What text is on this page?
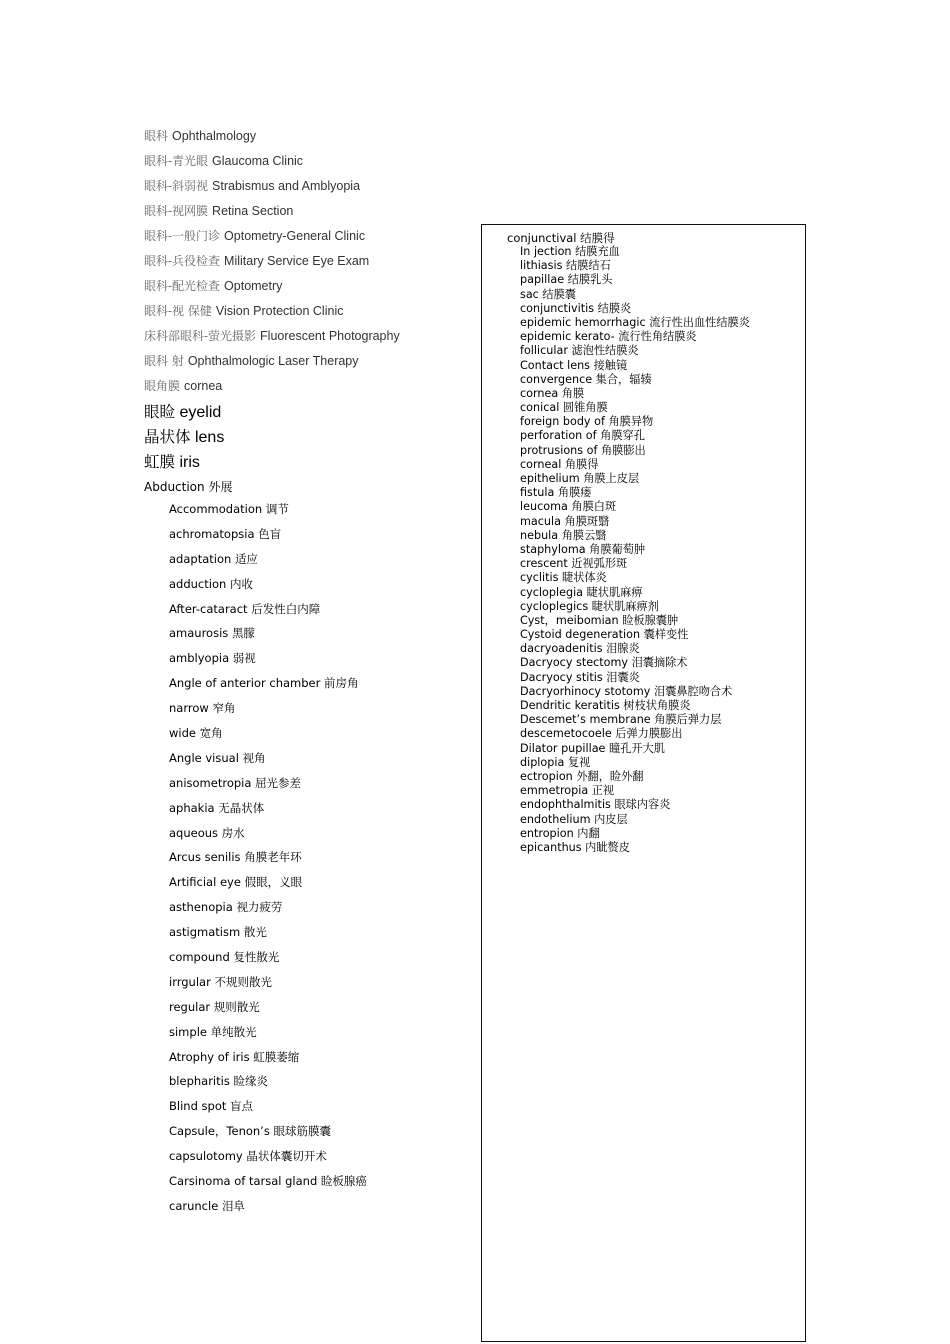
眼科 Ophthalmology
眼科-青光眼 Glaucoma Clinic
眼科-斜弱视 Strabismus and Amblyopia
眼科-视网膜 Retina Section
眼科-一般门诊 Optometry-General Clinic
眼科-兵役检查 Military Service Eye Exam
眼科-配光检查 Optometry
眼科-视 保健 Vision Protection Clinic
床科部眼科-萤光摄影 Fluorescent Photography
眼科 射 Ophthalmologic Laser Therapy
眼角膜 cornea
眼睑 eyelid
晶状体 lens
虹膜 iris
Abduction 外展
Accommodation 调节
achromatopsia 色盲
adaptation 适应
adduction 内收
After-cataract 后发性白内障
amaurosis 黑朦
amblyopia 弱视
Angle of anterior chamber 前房角
narrow 窄角
wide 宽角
Angle visual 视角
anisometropia 屈光参差
aphakia 无晶状体
aqueous 房水
Arcus senilis 角膜老年环
Artificial eye 假眼，义眼
asthenopia 视力疲劳
astigmatism 散光
compound 复性散光
irrgular 不规则散光
regular 规则散光
simple 单纯散光
Atrophy of iris 虹膜萎缩
blepharitis 睑缘炎
Blind spot 盲点
Capsule，Tenon’s 眼球筋膜囊
capsulotomy 晶状体囊切开术
Carsinoma of tarsal gland 睑板腺癌
caruncle 泪阜
conjunctival 结膜得
In jection 结膜充血
lithiasis 结膜结石
papillae 结膜乳头
sac 结膜囊
conjunctivitis 结膜炎
epidemic hemorrhagic 流行性出血性结膜炎
epidemic kerato- 流行性角结膜炎
follicular 滤泡性结膜炎
Contact lens 接触镜
convergence 集合，辐辏
cornea 角膜
conical 圆锥角膜
foreign body of 角膜异物
perforation of 角膜穿孔
protrusions of 角膜膨出
corneal 角膜得
epithelium 角膜上皮层
fistula 角膜瘘
leucoma 角膜白斑
macula 角膜斑翳
nebula 角膜云翳
staphyloma 角膜葡萄肿
crescent 近视弧形斑
cyclitis 睫状体炎
cycloplegia 睫状肌麻痹
cycloplegics 睫状肌麻痹剂
Cyst，meibomian 睑板腺囊肿
Cystoid degeneration 囊样变性
dacryoadenitis 泪腺炎
Dacryocy stectomy 泪囊摘除术
Dacryocy stitis 泪囊炎
Dacryorhinocy stotomy 泪囊鼻腔吻合术
Dendritic keratitis 树枝状角膜炎
Descemet’s membrane 角膜后弹力层
descemetocoele 后弹力膜膨出
Dilator pupillae 瞳孔开大肌
diplopia 复视
ectropion 外翻，睑外翻
emmetropia 正视
endophthalmitis 眼球内容炎
endothelium 内皮层
entropion 内翻
epicanthus 内眦赘皮
